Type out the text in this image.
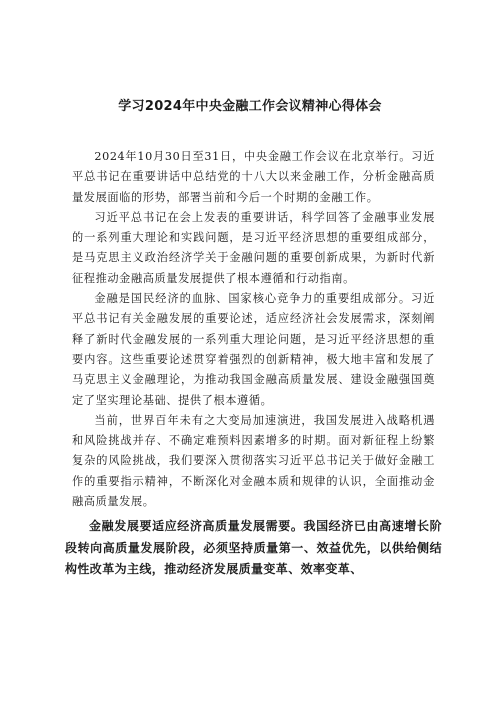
学习2024年中央金融工作会议精神心得体会

2024年10月30日至31日，中央金融工作会议在北京举行。习近平总书记在重要讲话中总结党的十八大以来金融工作，分析金融高质量发展面临的形势，部署当前和今后一个时期的金融工作。

习近平总书记在会上发表的重要讲话，科学回答了金融事业发展的一系列重大理论和实践问题，是习近平经济思想的重要组成部分，是马克思主义政治经济学关于金融问题的重要创新成果，为新时代新征程推动金融高质量发展提供了根本遵循和行动指南。

金融是国民经济的血脉、国家核心竞争力的重要组成部分。习近平总书记有关金融发展的重要论述，适应经济社会发展需求，深刻阐释了新时代金融发展的一系列重大理论问题，是习近平经济思想的重要内容。这些重要论述贯穿着强烈的创新精神，极大地丰富和发展了马克思主义金融理论，为推动我国金融高质量发展、建设金融强国奠定了坚实理论基础、提供了根本遵循。

当前，世界百年未有之大变局加速演进，我国发展进入战略机遇和风险挑战并存、不确定难预料因素增多的时期。面对新征程上纷繁复杂的风险挑战，我们要深入贯彻落实习近平总书记关于做好金融工作的重要指示精神，不断深化对金融本质和规律的认识，全面推动金融高质量发展。

金融发展要适应经济高质量发展需要。我国经济已由高速增长阶段转向高质量发展阶段，必须坚持质量第一、效益优先，以供给侧结构性改革为主线，推动经济发展质量变革、效率变革、
